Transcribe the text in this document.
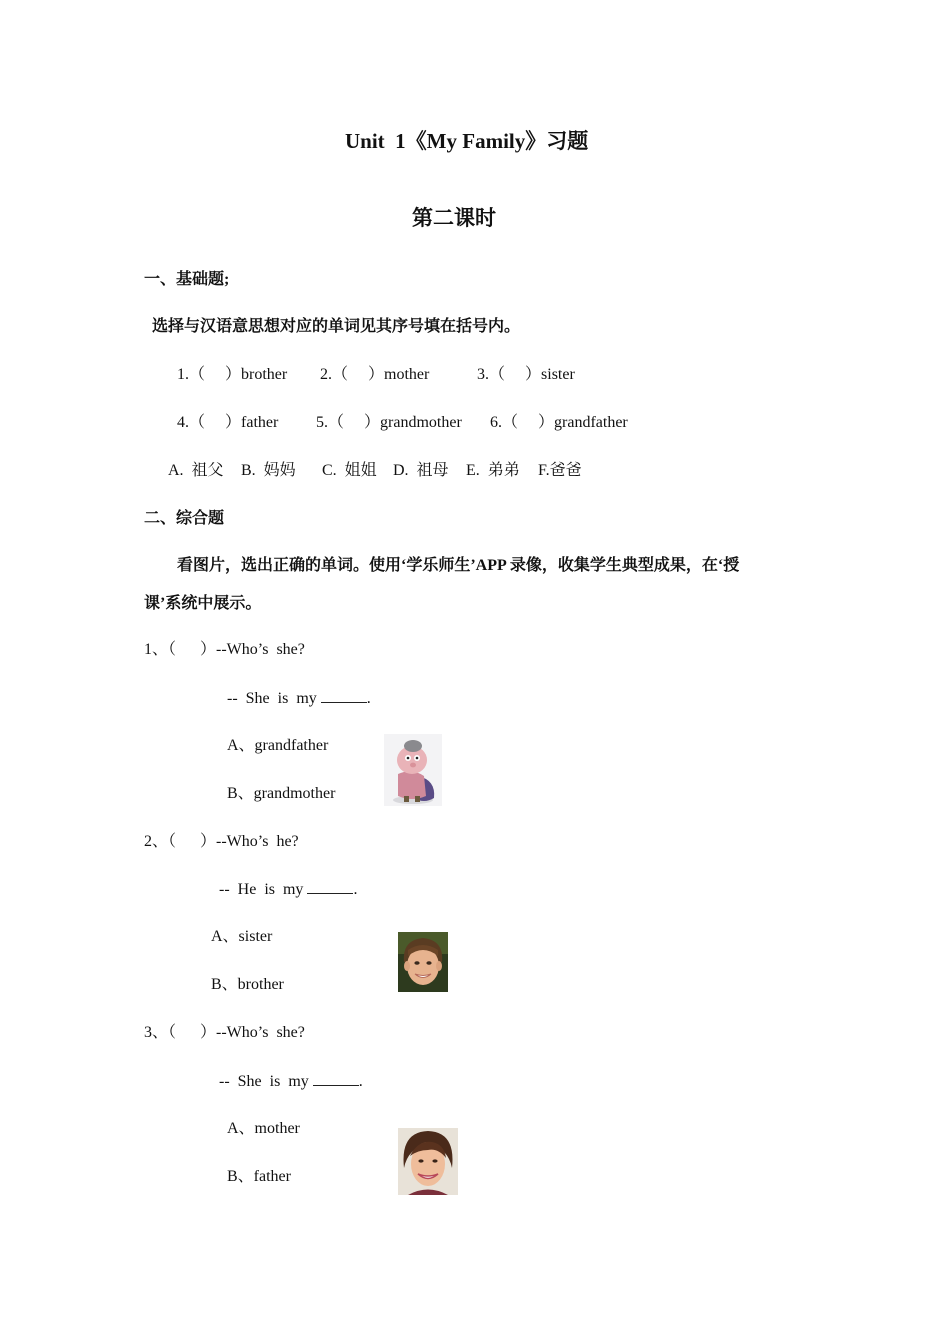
Unit  1《My Family》习题
第二课时
一、基础题;
选择与汉语意思想对应的单词见其序号填在括号内。
1.（     ）brother 2.（     ）mother	3.（     ）sister
4.（     ）father 5.（     ）grandmother 6.（     ）grandfather
A.  祖父 B.  妈妈 C.  姐姐 D.  祖母 E.  弟弟 F.爸爸
二、综合题
看图片，选出正确的单词。使用‘学乐师生’APP 录像，收集学生典型成果，在‘授
课’系统中展示。
1、（      ）--Who’s  she?
--  She  is  my	.
A、grandfather
B、grandmother
2、（      ）--Who’s  he?
--  He  is  my	.
A、sister
B、brother
3、（      ）--Who’s  she?
--  She  is  my	.
A、mother
B、father
